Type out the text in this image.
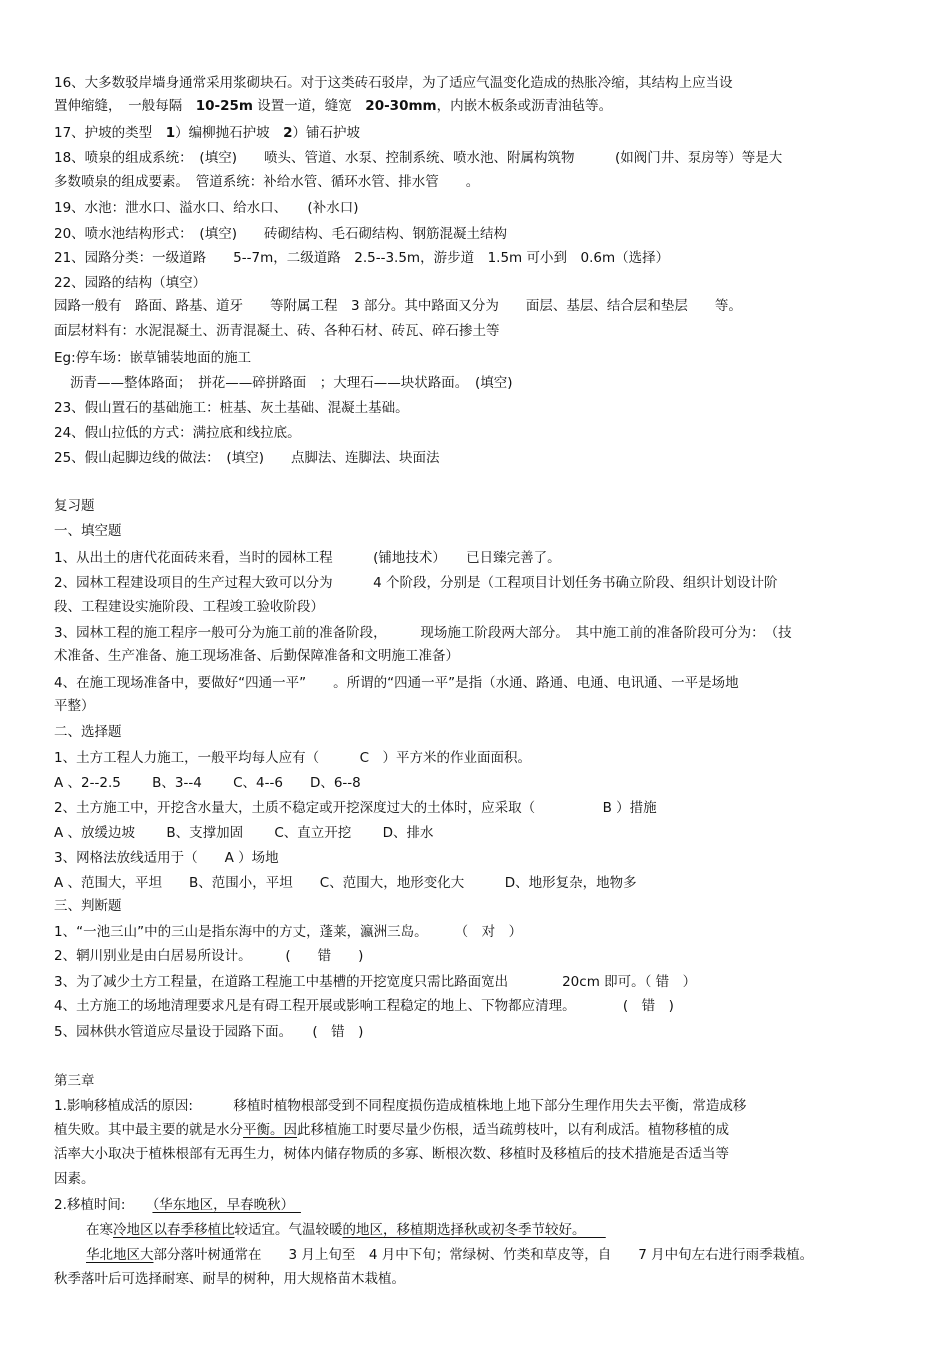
16、大多数驳岸墙身通常采用浆砌块石。对于这类砖石驳岸，为了适应气温变化造成的热胀冷缩，其结构上应当设
置伸缩缝，　一般每隔　10-25m 设置一道，缝宽　20-30mm，内嵌木板条或沥青油毡等。
17、护坡的类型　1）编柳抛石护坡　2）铺石护坡
18、喷泉的组成系统：　(填空)　　喷头、管道、水泵、控制系统、喷水池、附属构筑物　　　(如阀门井、泵房等）等是大
多数喷泉的组成要素。　管道系统：补给水管、循环水管、排水管　　。
19、水池：泄水口、溢水口、给水口、　　(补水口)
20、喷水池结构形式：　(填空)　　砖砌结构、毛石砌结构、钢筋混凝土结构
21、园路分类：一级道路　　5--7m，二级道路　2.5--3.5m，游步道　1.5m 可小到　0.6m（选择）
22、园路的结构（填空）
园路一般有　路面、路基、道牙　　等附属工程　3 部分。其中路面又分为　　面层、基层、结合层和垫层　　等。
面层材料有：水泥混凝土、沥青混凝土、砖、各种石材、砖瓦、碎石掺土等
Eg:停车场：嵌草铺装地面的施工
沥青——整体路面；　拼花——碎拼路面　；大理石——块状路面。　(填空)
23、假山置石的基础施工：桩基、灰土基础、混凝土基础。
24、假山拉低的方式：满拉底和线拉底。
25、假山起脚边线的做法：　(填空)　　点脚法、连脚法、块面法
复习题
一、填空题
1、从出土的唐代花面砖来看，当时的园林工程　　　(铺地技术）　　已日臻完善了。
2、园林工程建设项目的生产过程大致可以分为　　　4 个阶段，分别是（工程项目计划任务书确立阶段、组织计划设计阶
段、工程建设实施阶段、工程竣工验收阶段）
3、园林工程的施工程序一般可分为施工前的准备阶段，　　　现场施工阶段两大部分。　其中施工前的准备阶段可分为：　（技
术准备、生产准备、施工现场准备、后勤保障准备和文明施工准备）
4、在施工现场准备中，要做好“四通一平”　　。所谓的“四通一平”是指（水通、路通、电通、电讯通、一平是场地
平整）
二、选择题
1、土方工程人力施工，一般平均每人应有（　　　C　）平方米的作业面面积。
A 、2--2.5　　 B、3--4　　 C、4--6　　D、6--8
2、土方施工中，开挖含水量大，土质不稳定或开挖深度过大的土体时，应采取（　　　　　B ）措施
A 、放缓边坡　　 B、支撑加固　　 C、直立开挖　　 D、排水
3、网格法放线适用于（　　A ）场地
A 、范围大，平坦　　B、范围小，平坦　　C、范围大，地形变化大　　　D、地形复杂，地物多
三、判断题
1、“一池三山”中的三山是指东海中的方丈，蓬莱，瀛洲三岛。　　　（　对　）
2、辋川别业是由白居易所设计。　　　(　　错　　)
3、为了减少土方工程量，在道路工程施工中基槽的开挖宽度只需比路面宽出　　　　20cm 即可。（ 错　）
4、土方施工的场地清理要求凡是有碍工程开展或影响工程稳定的地上、下物都应清理。　　　　(　错　)
5、园林供水管道应尽量设于园路下面。　　(　错　)
第三章
1.影响移植成活的原因:　　　移植时植物根部受到不同程度损伤造成植株地上地下部分生理作用失去平衡，常造成移
植失败。其中最主要的就是水分平衡。因此移植施工时要尽量少伤根，适当疏剪枝叶，以有利成活。植物移植的成
活率大小取决于植株根部有无再生力，树体内储存物质的多寡、断根次数、移植时及移植后的技术措施是否适当等
因素。
2.移植时间:　　（华东地区，早春晚秋）　
在寒冷地区以春季移植比较适宜。气温较暖的地区，移植期选择秋或初冬季节较好。　　
华北地区大部分落叶树通常在　　3 月上旬至　4 月中下旬；常绿树、竹类和草皮等，自　　7 月中旬左右进行雨季栽植。
秋季落叶后可选择耐寒、耐旱的树种，用大规格苗木栽植。
